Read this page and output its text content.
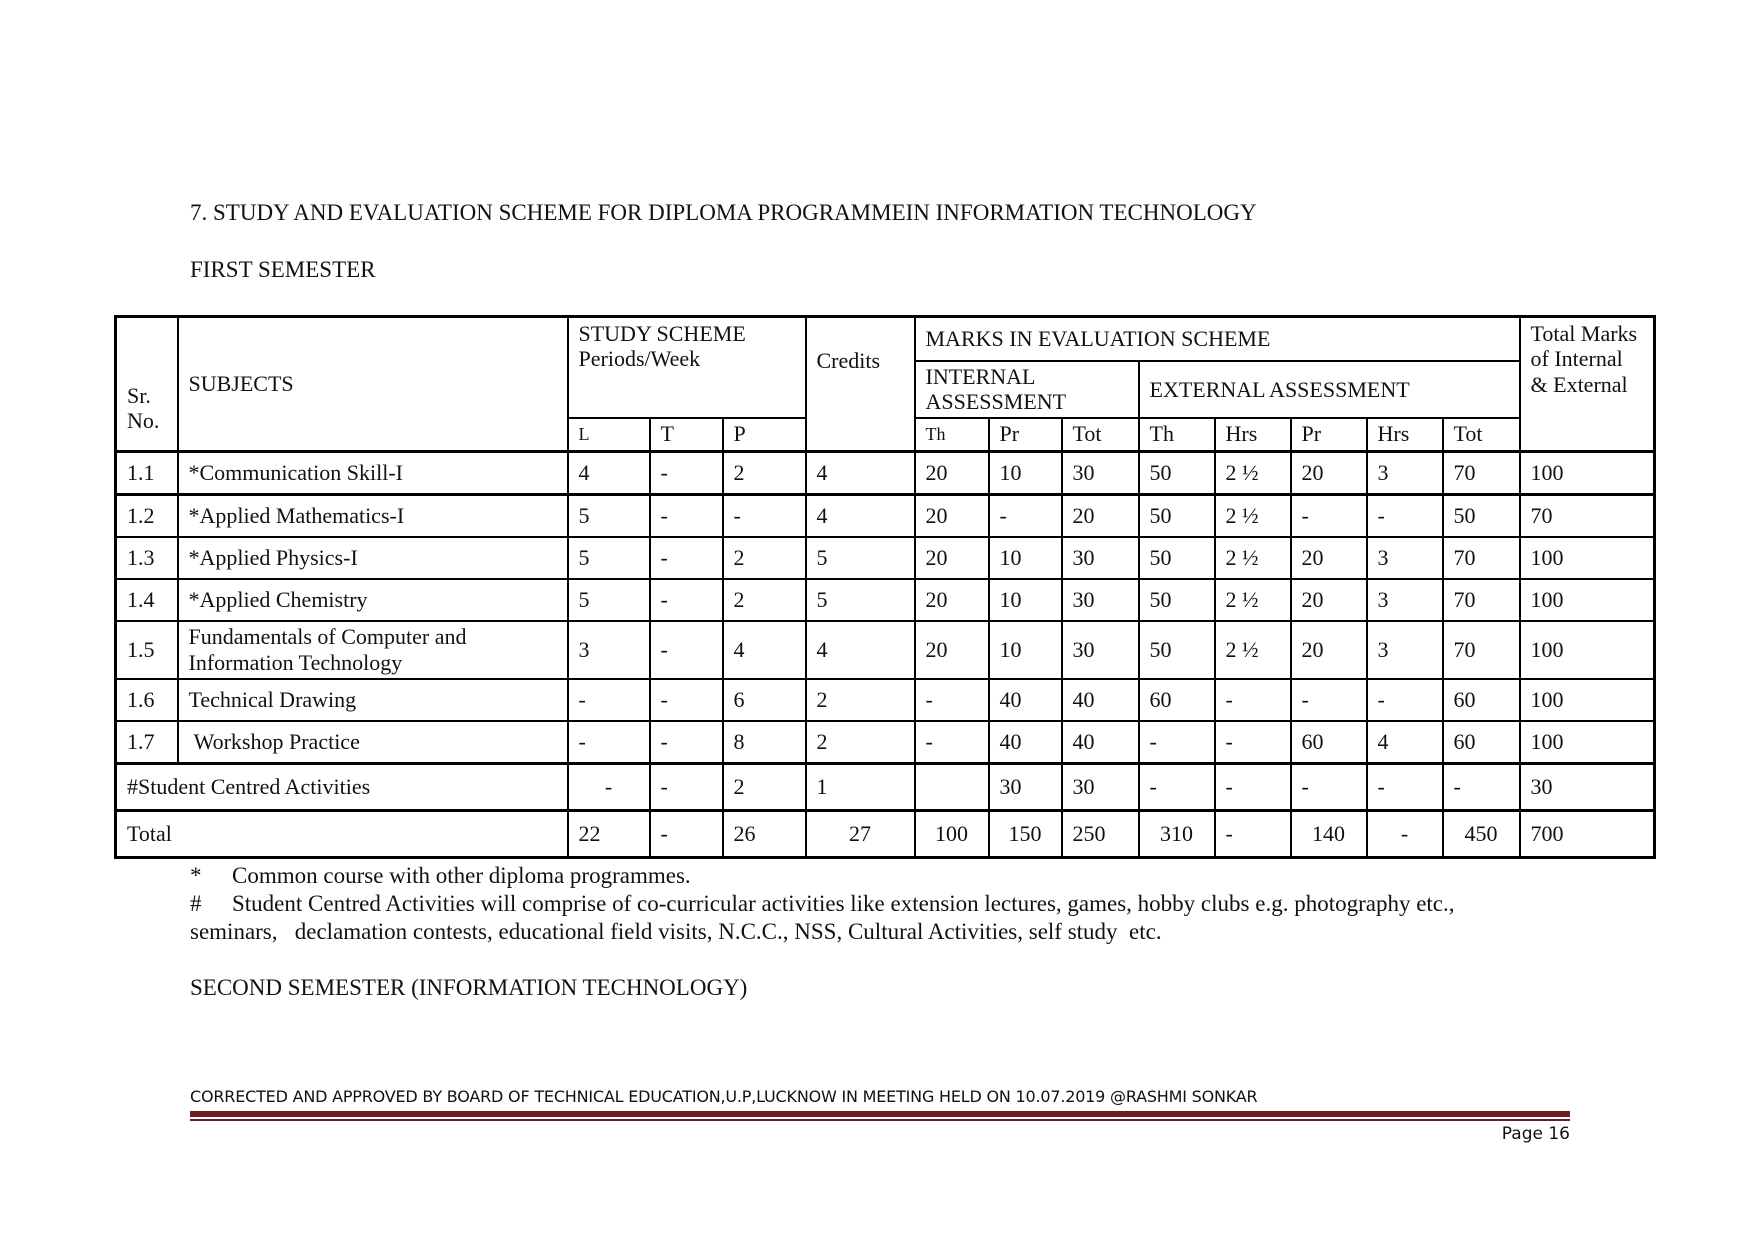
7. STUDY AND EVALUATION SCHEME FOR DIPLOMA PROGRAMMEIN INFORMATION TECHNOLOGY
FIRST SEMESTER
Sr. No.	SUBJECTS	STUDY SCHEME Periods/Week			Credits	MARKS IN EVALUATION SCHEME								Total Marks of Internal & External
						INTERNAL ASSESSMENT			EXTERNAL ASSESSMENT					
		L	T	P		Th	Pr	Tot	Th	Hrs	Pr	Hrs	Tot	
1.1	*Communication Skill-I	4	-	2	4	20	10	30	50	2 ½	20	3	70	100
1.2	*Applied Mathematics-I	5	-	-	4	20	-	20	50	2 ½	-	-	50	70
1.3	*Applied Physics-I	5	-	2	5	20	10	30	50	2 ½	20	3	70	100
1.4	*Applied Chemistry	5	-	2	5	20	10	30	50	2 ½	20	3	70	100
1.5	Fundamentals of Computer and Information Technology	3	-	4	4	20	10	30	50	2 ½	20	3	70	100
1.6	Technical Drawing	-	-	6	2	-	40	40	60	-	-	-	60	100
1.7	Workshop Practice	-	-	8	2	-	40	40	-	-	60	4	60	100
#Student Centred Activities		-	-	2	1		30	30	-	-	-	-	-	30
Total		22	-	26	27	100	150	250	310	-	140	-	450	700
* Common course with other diploma programmes.
# Student Centred Activities will comprise of co-curricular activities like extension lectures, games, hobby clubs e.g. photography etc.,
seminars,   declamation contests, educational field visits, N.C.C., NSS, Cultural Activities, self study  etc.
SECOND SEMESTER (INFORMATION TECHNOLOGY)
CORRECTED AND APPROVED BY BOARD OF TECHNICAL EDUCATION,U.P,LUCKNOW IN MEETING HELD ON 10.07.2019 @RASHMI SONKAR
Page 16
